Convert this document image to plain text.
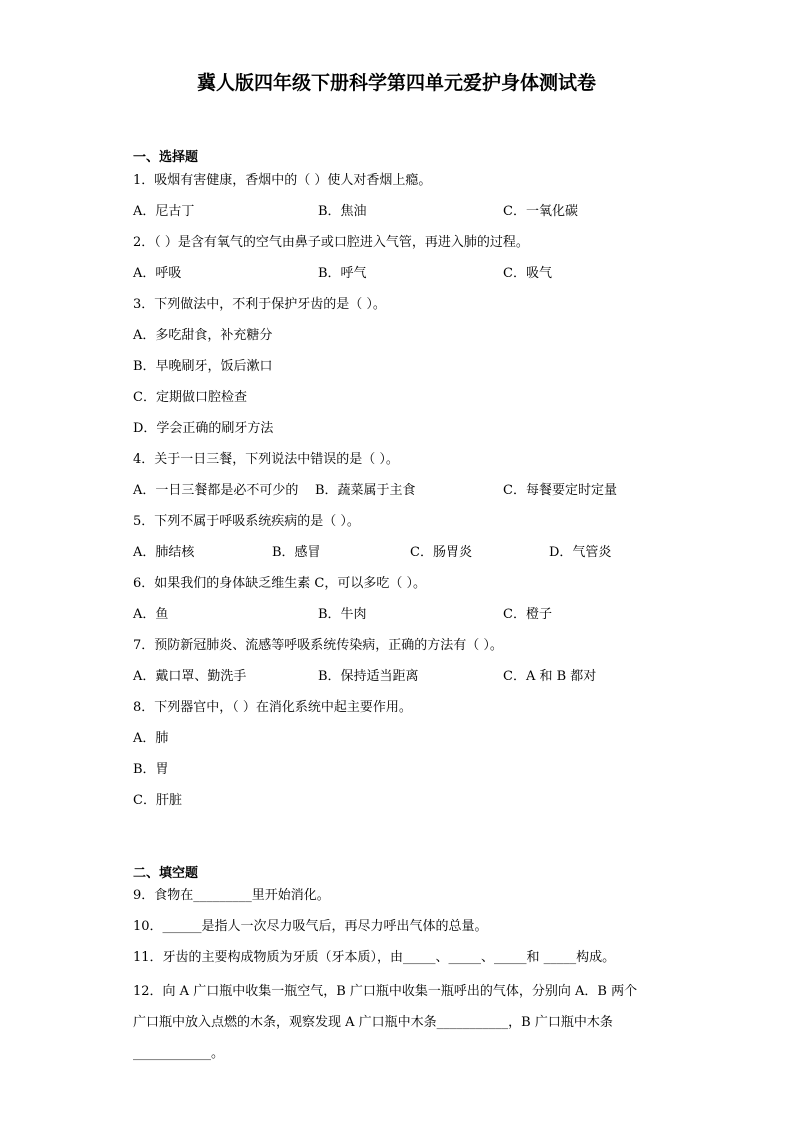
冀人版四年级下册科学第四单元爱护身体测试卷
一、选择题
1．吸烟有害健康，香烟中的（ ）使人对香烟上瘾。
A．尼古丁	B．焦油	C．一氧化碳
2．（ ）是含有氧气的空气由鼻子或口腔进入气管，再进入肺的过程。
A．呼吸	B．呼气	C．吸气
3．下列做法中，不利于保护牙齿的是（ ）。
A．多吃甜食，补充糖分
B．早晚刷牙，饭后漱口
C．定期做口腔检查
D．学会正确的刷牙方法
4．关于一日三餐，下列说法中错误的是（ ）。
A．一日三餐都是必不可少的 B．蔬菜属于主食	C．每餐要定时定量
5．下列不属于呼吸系统疾病的是（ ）。
A．肺结核	B．感冒	C．肠胃炎	D．气管炎
6．如果我们的身体缺乏维生素 C，可以多吃（ ）。
A．鱼	B．牛肉	C．橙子
7．预防新冠肺炎、流感等呼吸系统传染病，正确的方法有（ ）。
A．戴口罩、勤洗手	B．保持适当距离	C．A 和 B 都对
8．下列器官中，（ ）在消化系统中起主要作用。
A．肺
B．胃
C．肝脏
二、填空题
9．食物在_________里开始消化。
10．______是指人一次尽力吸气后，再尽力呼出气体的总量。
11．牙齿的主要构成物质为牙质（牙本质），由_____、_____、_____和 _____构成。
12．向 A 广口瓶中收集一瓶空气，B 广口瓶中收集一瓶呼出的气体，分别向 A．B 两个
广口瓶中放入点燃的木条，观察发现 A 广口瓶中木条___________，B 广口瓶中木条
____________。
